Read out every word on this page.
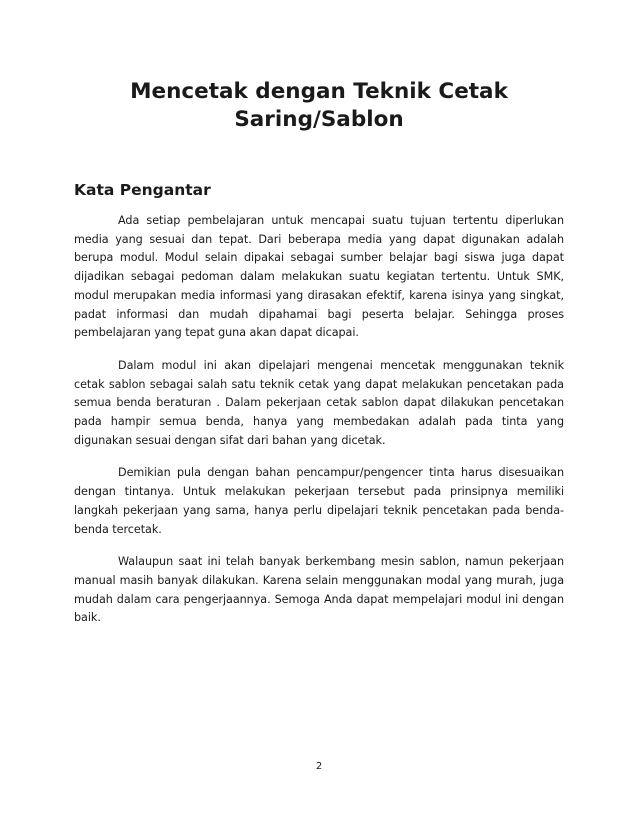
Mencetak dengan Teknik Cetak
Saring/Sablon
Kata Pengantar

Ada setiap pembelajaran untuk mencapai suatu tujuan tertentu diperlukan media yang sesuai dan tepat. Dari beberapa media yang dapat digunakan adalah berupa modul. Modul selain dipakai sebagai sumber belajar bagi siswa juga dapat dijadikan sebagai pedoman dalam melakukan suatu kegiatan tertentu. Untuk SMK, modul merupakan media informasi yang dirasakan efektif, karena isinya yang singkat, padat informasi dan mudah dipahamai bagi peserta belajar. Sehingga proses pembelajaran yang tepat guna akan dapat dicapai.

Dalam modul ini akan dipelajari mengenai mencetak menggunakan teknik cetak sablon sebagai salah satu teknik cetak yang dapat melakukan pencetakan pada semua benda beraturan . Dalam pekerjaan cetak sablon dapat dilakukan pencetakan pada hampir semua benda, hanya yang membedakan adalah pada tinta yang digunakan sesuai dengan sifat dari bahan yang dicetak.

Demikian pula dengan bahan pencampur/pengencer tinta harus disesuaikan dengan tintanya. Untuk melakukan pekerjaan tersebut pada prinsipnya memiliki langkah pekerjaan yang sama, hanya perlu dipelajari teknik pencetakan pada benda-benda tercetak.

Walaupun saat ini telah banyak berkembang mesin sablon, namun pekerjaan manual masih banyak dilakukan. Karena selain menggunakan modal yang murah, juga mudah dalam cara pengerjaannya. Semoga Anda dapat mempelajari modul ini dengan baik.

2
